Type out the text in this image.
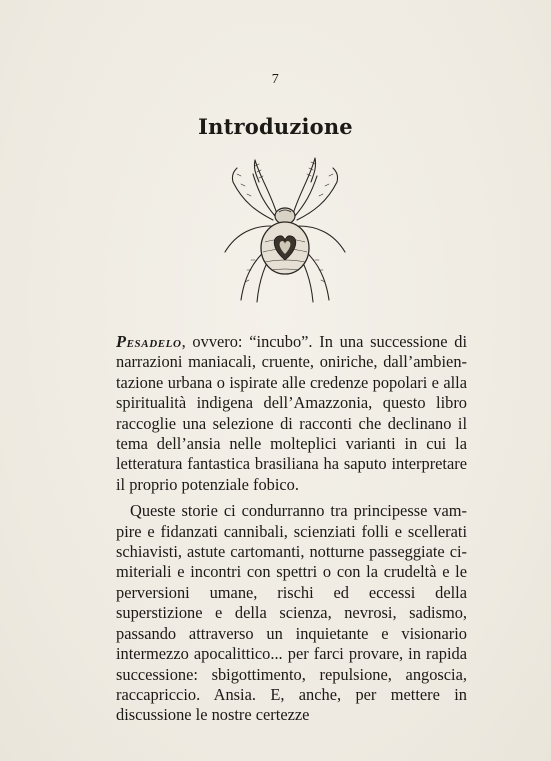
7
Introduzione

Pesadelo, ovvero: “incubo”. In una successione di narrazioni maniacali, cruente, oniriche, dall’ambientazione urbana o ispirate alle credenze popolari e alla spiritualità indigena dell’Amazzonia, questo libro raccoglie una selezione di racconti che declinano il tema dell’ansia nelle molteplici varianti in cui la letteratura fantastica brasiliana ha saputo interpretare il proprio potenziale fobico.

Queste storie ci condurranno tra principesse vampire e fidanzati cannibali, scienziati folli e scellerati schiavisti, astute cartomanti, notturne passeggiate cimiteriali e incontri con spettri o con la crudeltà e le perversioni umane, rischi ed eccessi della superstizione e della scienza, nevrosi, sadismo, passando attraverso un inquietante e visionario intermezzo apocalittico... per farci provare, in rapida successione: sbigottimento, repulsione, angoscia, raccapriccio. Ansia. E, anche, per mettere in discussione le nostre certezze
